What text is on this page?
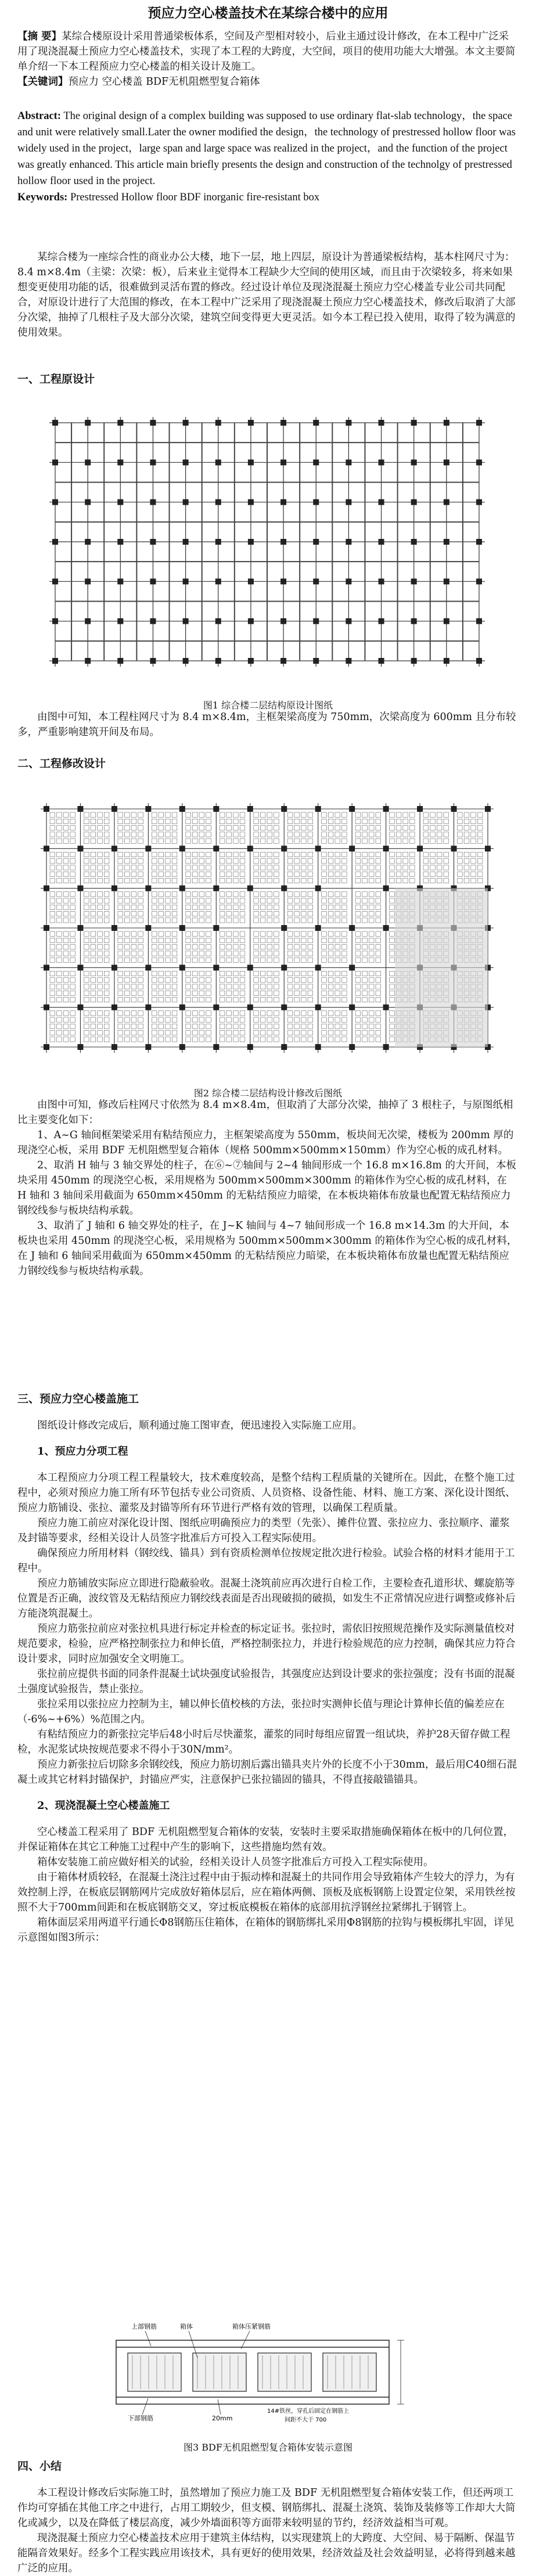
预应力空心楼盖技术在某综合楼中的应用

【摘 要】某综合楼原设计采用普通梁板体系，空间及产型相对较小，后业主通过设计修改，在本工程中广泛采用了现浇混凝土预应力空心楼盖技术，实现了本工程的大跨度，大空间，项目的使用功能大大增强。本文主要简单介绍一下本工程预应力空心楼盖的相关设计及施工。

【关键词】预应力 空心楼盖 BDF无机阻燃型复合箱体

Abstract: The original design of a complex building was supposed to use ordinary flat-slab technology，the space and unit were relatively small.Later the owner modified the design，the technology of prestressed hollow floor was widely used in the project，large span and large space was realized in the project，and the function of the project was greatly enhanced. This article main briefly presents the design and construction of the technolgy of prestressed hollow floor used in the project.

Keywords: Prestressed Hollow floor BDF inorganic fire-resistant box

某综合楼为一座综合性的商业办公大楼，地下一层，地上四层，原设计为普通梁板结构，基本柱网尺寸为：8.4 m×8.4m（主梁：次梁：板），后来业主觉得本工程缺少大空间的使用区域，而且由于次梁较多，将来如果想变更使用功能的话，很难做到灵活布置的修改。经过设计单位及现浇混凝土预应力空心楼盖专业公司共同配合，对原设计进行了大范围的修改，在本工程中广泛采用了现浇混凝土预应力空心楼盖技术，修改后取消了大部分次梁，抽掉了几根柱子及大部分次梁，建筑空间变得更大更灵活。如今本工程已投入使用，取得了较为满意的使用效果。

一、工程原设计

图1 综合楼二层结构原设计图纸

由图中可知，本工程柱网尺寸为 8.4 m×8.4m，主框架梁高度为 750mm，次梁高度为 600mm 且分布较多，严重影响建筑开间及布局。

二、工程修改设计

图2 综合楼二层结构设计修改后图纸

由图中可知，修改后柱网尺寸依然为 8.4 m×8.4m，但取消了大部分次梁，抽掉了 3 根柱子，与原图纸相比主要变化如下：

1、A~G 轴间框架梁采用有粘结预应力，主框架梁高度为 550mm，板块间无次梁，楼板为 200mm 厚的现浇空心板，采用 BDF 无机阻燃型复合箱体（规格 500mm×500mm×150mm）作为空心板的成孔材料。

2、取消 H 轴与 3 轴交界处的柱子，在⑥~⑦轴间与 2~4 轴间形成一个 16.8 m×16.8m 的大开间，本板块采用 450mm 的现浇空心板，采用规格为 500mm×500mm×300mm 的箱体作为空心板的成孔材料，在 H 轴和 3 轴间采用截面为 650mm×450mm 的无粘结预应力暗梁，在本板块箱体布放量也配置无粘结预应力钢绞线参与板块结构承载。

3、取消了 J 轴和 6 轴交界处的柱子，在 J~K 轴间与 4~7 轴间形成一个 16.8 m×14.3m 的大开间，本板块也采用 450mm 的现浇空心板，采用规格为 500mm×500mm×300mm 的箱体作为空心板的成孔材料，在 J 轴和 6 轴间采用截面为 650mm×450mm 的无粘结预应力暗梁，在本板块箱体布放量也配置无粘结预应力钢绞线参与板块结构承载。

三、预应力空心楼盖施工

图纸设计修改完成后，顺利通过施工图审查，便迅速投入实际施工应用。

1、预应力分项工程

本工程预应力分项工程工程量较大，技术难度较高，是整个结构工程质量的关键所在。因此，在整个施工过程中，必须对预应力施工所有环节包括专业公司资质、人员资格、设备性能、材料、施工方案、深化设计图纸、预应力筋铺设、张拉、灌浆及封锚等所有环节进行严格有效的管理，以确保工程质量。

预应力施工前应对深化设计图、图纸应明确预应力的类型（先张）、摊件位置、张拉应力、张拉顺序、灌浆及封锚等要求，经相关设计人员签字批准后方可投入工程实际使用。

确保预应力所用材料（钢绞线、锚具）到有资质检测单位按规定批次进行检验。试验合格的材料才能用于工程中。

预应力筋铺放实际应立即进行隐蔽验收。混凝土浇筑前应再次进行自检工作，主要检查孔道形状、螺旋筋等位置是否正确，波纹管及无粘结预应力钢绞线表面是否出现破损的破损，如发生不正常情况应进行调整或修补后方能浇筑混凝土。

预应力筋张拉前应对张拉机具进行标定并检查的标定证书。张拉时，需依旧按照规范操作及实际测量值校对规范要求，检验，应严格控制张拉力和伸长值，严格控制张拉力，并进行检验规范的应力控制，确保其应力符合设计要求，同时应加强安全文明施工。

张拉前应提供书面的同条件混凝土试块强度试验报告，其强度应达到设计要求的张拉强度；没有书面的混凝土强度试验报告，禁止张拉。

张拉采用以张拉应力控制为主，辅以伸长值校核的方法，张拉时实测伸长值与理论计算伸长值的偏差应在（-6%~+6%）%范围之内。

有粘结预应力的新张拉完毕后48小时后尽快灌浆，灌浆的同时每组应留置一组试块，养护28天留存做工程检，水泥浆试块按规范要求不得小于30N/mm²。

预应力新张拉后切除多余钢绞线，预应力筋切割后露出锚具夹片外的长度不小于30mm，最后用C40细石混凝土或其它材料封锚保护，封锚应严实，注意保护已张拉锚固的锚具，不得直接敲锚锚具。

2、现浇混凝土空心楼盖施工

空心楼盖工程采用了 BDF 无机阻燃型复合箱体的安装，安装时主要采取措施确保箱体在板中的几何位置，并保证箱体在其它工种施工过程中产生的影响下，这些措施均然有效。

箱体安装施工前应做好相关的试验，经相关设计人员签字批准后方可投入工程实际使用。

由于箱体材质较轻，在混凝土浇注过程中由于振动棒和混凝土的共同作用会导致箱体产生较大的浮力，为有效控制上浮，在板底层钢筋网片完成放好箱体层后，应在箱体两侧、顶板及底板钢筋上设置定位架，采用铁丝按照不大于700mm间距和在板底钢筋交叉，穿过板底模板在箱体的底部用抗浮钢丝拉紧绑扎于钢管上。

箱体面层采用两道平行通长Φ8钢筋压住箱体，在箱体的钢筋绑扎采用Φ8钢筋的拉钩与模板绑扎牢固，详见示意图如图3所示：

上部钢筋	箱体	箱体压紧钢筋
下部钢筋	20mm
14#铁丝，穿孔后固定在钢筋上
间距不大于 700

图3 BDF无机阻燃型复合箱体安装示意图

四、小结

本工程设计修改后实际施工时，虽然增加了预应力施工及 BDF 无机阻燃型复合箱体安装工作，但还两项工作均可穿插在其他工序之中进行，占用工期较少，但支模、钢筋绑扎、混凝土浇筑、装饰及装修等工作却大大简化或减少，以及在降低了楼层高度，减少外墙面积等方面带来较明显的节约，经济效益相当可观。

现浇混凝土预应力空心楼盖技术应用于建筑主体结构，以实现建筑上的大跨度、大空间、易于隔断、保温节能隔音效果好。经多个工程实践应用该技术，具有更好的使用效果，经济效益及社会效益明显，必将得到越来越广泛的应用。
